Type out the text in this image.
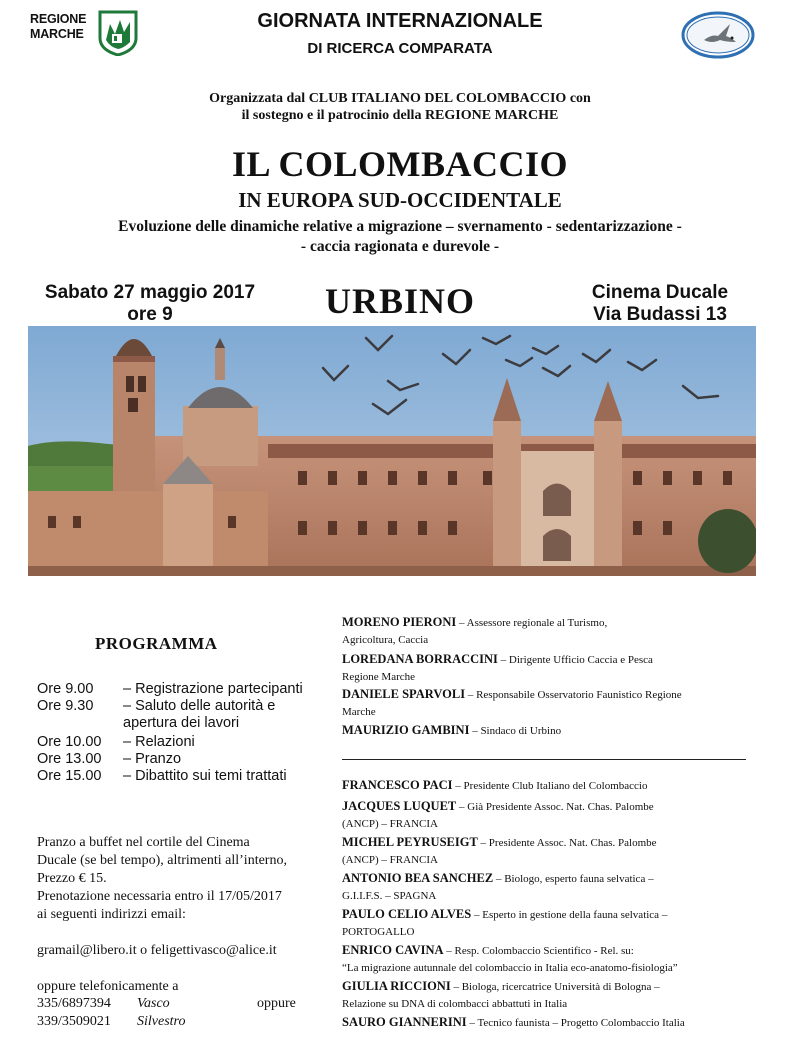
REGIONE
MARCHE
GIORNATA INTERNAZIONALE
DI RICERCA COMPARATA
Organizzata dal CLUB ITALIANO DEL COLOMBACCIO con
il sostegno e il patrocinio della REGIONE MARCHE
IL COLOMBACCIO
IN EUROPA SUD-OCCIDENTALE
Evoluzione delle dinamiche relative a migrazione – svernamento - sedentarizzazione -
- caccia ragionata e durevole -
Sabato 27 maggio 2017
ore 9	URBINO	Cinema Ducale
Via Budassi 13
PROGRAMMA
Ore 9.00 – Registrazione partecipanti
Ore 9.30 – Saluto delle autorità e
apertura dei lavori
Ore 10.00 – Relazioni
Ore 13.00 – Pranzo
Ore 15.00 – Dibattito sui temi trattati
Pranzo a buffet nel cortile del Cinema
Ducale (se bel tempo), altrimenti all’interno,
Prezzo € 15.
Prenotazione necessaria entro il 17/05/2017
ai seguenti indirizzi email:
gramail@libero.it o feligettivasco@alice.it
oppure telefonicamente a
335/6897394 Vasco	oppure
339/3509021 Silvestro
MORENO PIERONI – Assessore regionale al Turismo,
Agricoltura, Caccia
LOREDANA BORRACCINI – Dirigente Ufficio Caccia e Pesca
Regione Marche
DANIELE SPARVOLI – Responsabile Osservatorio Faunistico Regione
Marche
MAURIZIO GAMBINI – Sindaco di Urbino
FRANCESCO PACI – Presidente Club Italiano del Colombaccio
JACQUES LUQUET – Già Presidente Assoc. Nat. Chas. Palombe
(ANCP) – FRANCIA
MICHEL PEYRUSEIGT – Presidente Assoc. Nat. Chas. Palombe
(ANCP) – FRANCIA
ANTONIO BEA SANCHEZ – Biologo, esperto fauna selvatica –
G.I.I.F.S. – SPAGNA
PAULO CELIO ALVES – Esperto in gestione della fauna selvatica –
PORTOGALLO
ENRICO CAVINA – Resp. Colombaccio Scientifico - Rel. su:
“La migrazione autunnale del colombaccio in Italia eco-anatomo-fisiologia”
GIULIA RICCIONI – Biologa, ricercatrice Università di Bologna –
Relazione su DNA di colombacci abbattuti in Italia
SAURO GIANNERINI – Tecnico faunista – Progetto Colombaccio Italia
